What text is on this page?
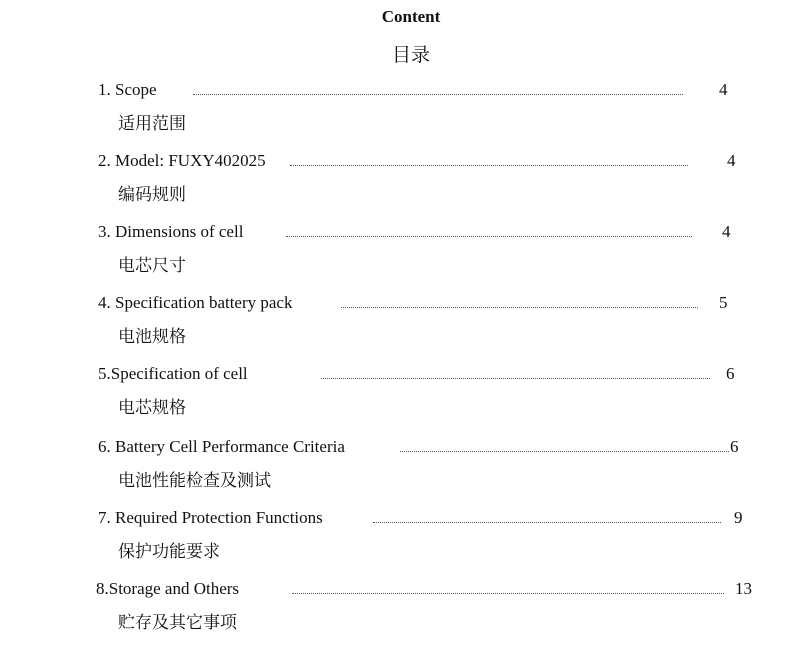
Content
目录
1. Scope	4
适用范围
2. Model: FUXY402025	4
编码规则
3. Dimensions of cell	4
电芯尺寸
4. Specification battery pack	5
电池规格
5.Specification of cell	6
电芯规格
6. Battery Cell Performance Criteria	6
电池性能检查及测试
7. Required Protection Functions	9
保护功能要求
8.Storage and Others	13
贮存及其它事项
